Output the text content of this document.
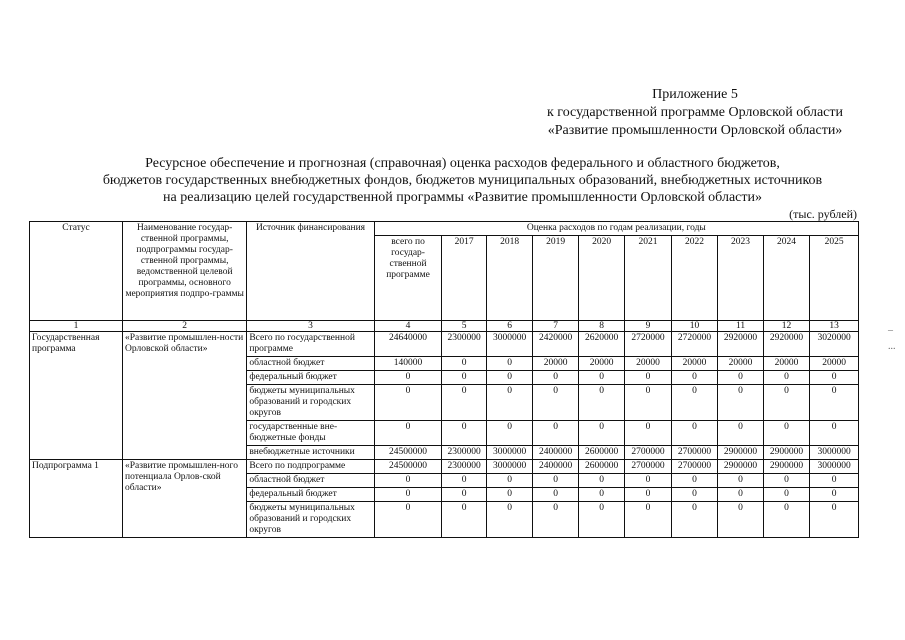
Приложение 5
к государственной программе Орловской области
«Развитие промышленности Орловской области»
Ресурсное обеспечение и прогнозная (справочная) оценка расходов федерального и областного бюджетов,
бюджетов государственных внебюджетных фондов, бюджетов муниципальных образований, внебюджетных источников
на реализацию целей государственной программы «Развитие промышленности Орловской области»
(тыс. рублей)
–
...
Статус	Наименование государ-ственной программы, подпрограммы государ-ственной программы, ведомственной целевой программы, основного мероприятия подпро-граммы	Источник финансирования	Оценка расходов по годам реализации, годы									
			всего по государ-ственной программе	2017	2018	2019	2020	2021	2022	2023	2024	2025
1	2	3	4	5	6	7	8	9	10	11	12	13
Государственная программа	«Развитие промышлен-ности Орловской области»	Всего по государственной программе	24640000	2300000	3000000	2420000	2620000	2720000	2720000	2920000	2920000	3020000
		областной бюджет	140000	0	0	20000	20000	20000	20000	20000	20000	20000
		федеральный бюджет	0	0	0	0	0	0	0	0	0	0
		бюджеты муниципальных образований и городских округов	0	0	0	0	0	0	0	0	0	0
		государственные вне-бюджетные фонды	0	0	0	0	0	0	0	0	0	0
		внебюджетные источники	24500000	2300000	3000000	2400000	2600000	2700000	2700000	2900000	2900000	3000000
Подпрограмма 1	«Развитие промышлен-ного потенциала Орлов-ской области»	Всего по подпрограмме	24500000	2300000	3000000	2400000	2600000	2700000	2700000	2900000	2900000	3000000
		областной бюджет	0	0	0	0	0	0	0	0	0	0
		федеральный бюджет	0	0	0	0	0	0	0	0	0	0
		бюджеты муниципальных образований и городских округов	0	0	0	0	0	0	0	0	0	0
